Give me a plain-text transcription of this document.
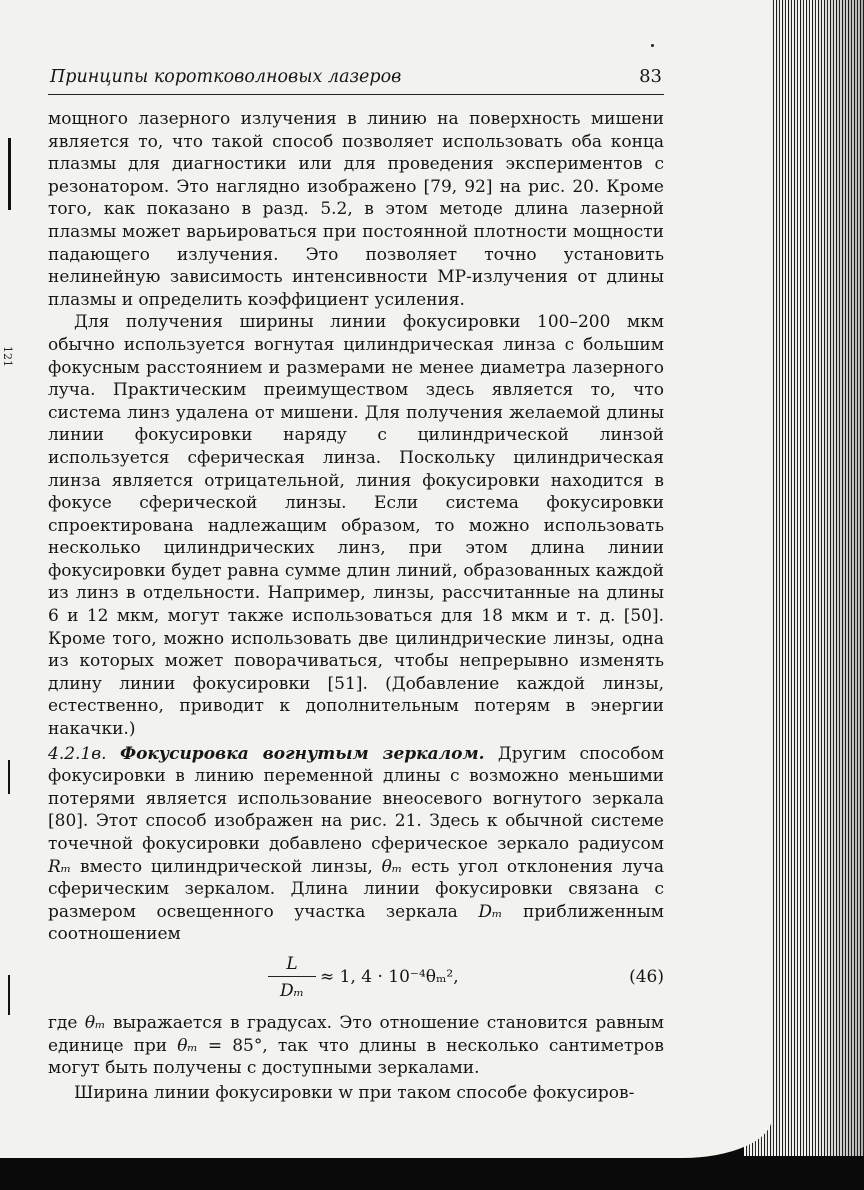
121
Принципы коротковолновых лазеров	83

мощного лазерного излучения в линию на поверхность мишени является то, что такой способ позволяет использовать оба конца плазмы для диагностики или для проведения экспериментов с резонатором. Это наглядно изображено [79, 92] на рис. 20. Кроме того, как показано в разд. 5.2, в этом методе длина лазерной плазмы может варьироваться при постоянной плотности мощности падающего излучения. Это позволяет точно установить нелинейную зависимость интенсивности МР-излучения от длины плазмы и определить коэффициент усиления.

Для получения ширины линии фокусировки 100–200 мкм обычно используется вогнутая цилиндрическая линза с большим фокусным расстоянием и размерами не менее диаметра лазерного луча. Практическим преимуществом здесь является то, что система линз удалена от мишени. Для получения желаемой длины линии фокусировки наряду с цилиндрической линзой используется сферическая линза. Поскольку цилиндрическая линза является отрицательной, линия фокусировки находится в фокусе сферической линзы. Если система фокусировки спроектирована надлежащим образом, то можно использовать несколько цилиндрических линз, при этом длина линии фокусировки будет равна сумме длин линий, образованных каждой из линз в отдельности. Например, линзы, рассчитанные на длины 6 и 12 мкм, могут также использоваться для 18 мкм и т. д. [50]. Кроме того, можно использовать две цилиндрические линзы, одна из которых может поворачиваться, чтобы непрерывно изменять длину линии фокусировки [51]. (Добавление каждой линзы, естественно, приводит к дополнительным потерям в энергии накачки.)

4.2.1в. Фокусировка вогнутым зеркалом. Другим способом фокусировки в линию переменной длины с возможно меньшими потерями является использование внеосевого вогнутого зеркала [80]. Этот способ изображен на рис. 21. Здесь к обычной системе точечной фокусировки добавлено сферическое зеркало радиусом Rₘ вместо цилиндрической линзы, θₘ есть угол отклонения луча сферическим зеркалом. Длина линии фокусировки связана с размером освещенного участка зеркала Dₘ приближенным соотношением

L
Dₘ
≈ 1, 4 · 10⁻⁴θₘ²,	(46)

где θₘ выражается в градусах. Это отношение становится равным единице при θₘ = 85°, так что длины в несколько сантиметров могут быть получены с доступными зеркалами.

Ширина линии фокусировки w при таком способе фокусиров-
